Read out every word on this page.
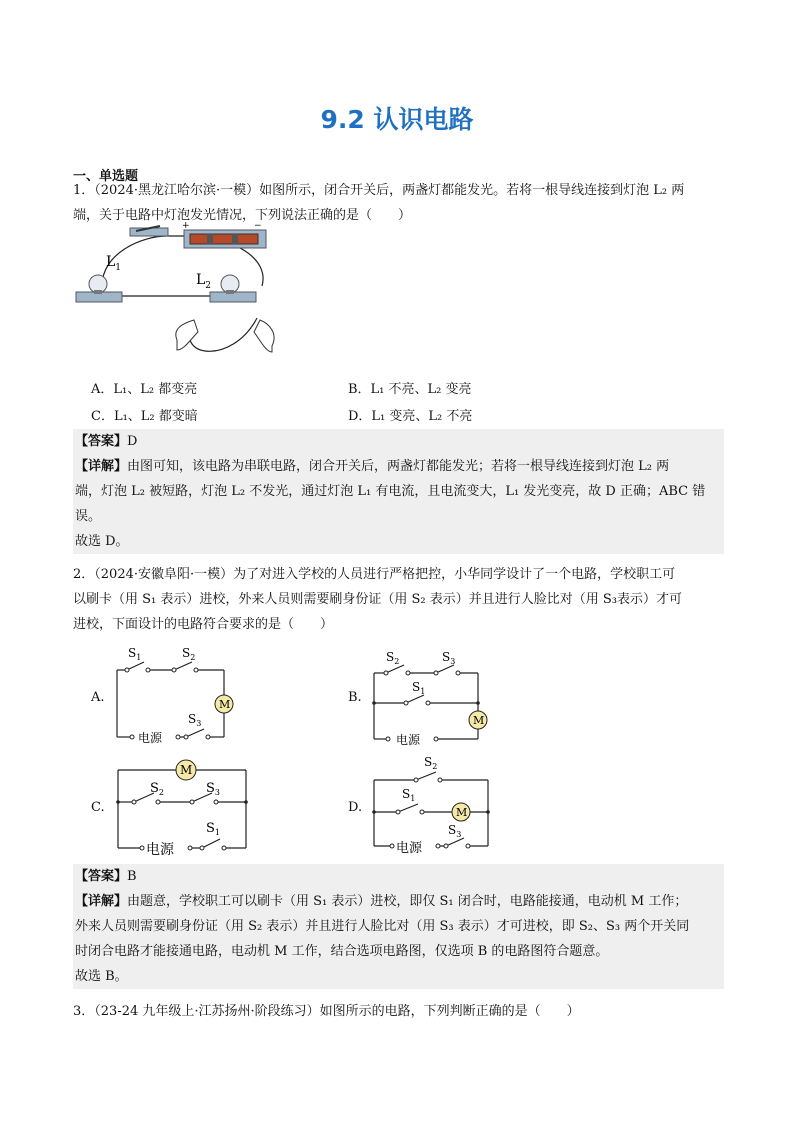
9.2 认识电路
一、单选题
1．（2024·黑龙江哈尔滨·一模）如图所示，闭合开关后，两盏灯都能发光。若将一根导线连接到灯泡 L₂ 两
端，关于电路中灯泡发光情况，下列说法正确的是（　　）
+	−
$L_1$
$L_2$
A．L₁、L₂ 都变亮	B．L₁ 不亮、L₂ 变亮
C．L₁、L₂ 都变暗	D．L₁ 变亮、L₂ 不亮

【答案】D

【详解】由图可知，该电路为串联电路，闭合开关后，两盏灯都能发光；若将一根导线连接到灯泡 L₂ 两

端，灯泡 L₂ 被短路，灯泡 L₂ 不发光，通过灯泡 L₁ 有电流，且电流变大，L₁ 发光变亮，故 D 正确；ABC 错

误。

故选 D。

2．（2024·安徽阜阳·一模）为了对进入学校的人员进行严格把控，小华同学设计了一个电路，学校职工可
以刷卡（用 S₁ 表示）进校，外来人员则需要刷身份证（用 S₂ 表示）并且进行人脸比对（用 S₃表示）才可
进校，下面设计的电路符合要求的是（　　）
A.	M
$S_1$	$S_2$
$S_3$
电源
B.
M
$S_2$	$S_3$
$S_1$
电源
C.
M
$S_2$	$S_3$
$S_1$
电源
D.	M
$S_2$
$S_1$
$S_3$
电源

【答案】B

【详解】由题意，学校职工可以刷卡（用 S₁ 表示）进校，即仅 S₁ 闭合时，电路能接通，电动机 M 工作；

外来人员则需要刷身份证（用 S₂ 表示）并且进行人脸比对（用 S₃ 表示）才可进校，即 S₂、S₃ 两个开关同

时闭合电路才能接通电路，电动机 M 工作，结合选项电路图，仅选项 B 的电路图符合题意。

故选 B。

3．（23-24 九年级上·江苏扬州·阶段练习）如图所示的电路，下列判断正确的是（　　）
